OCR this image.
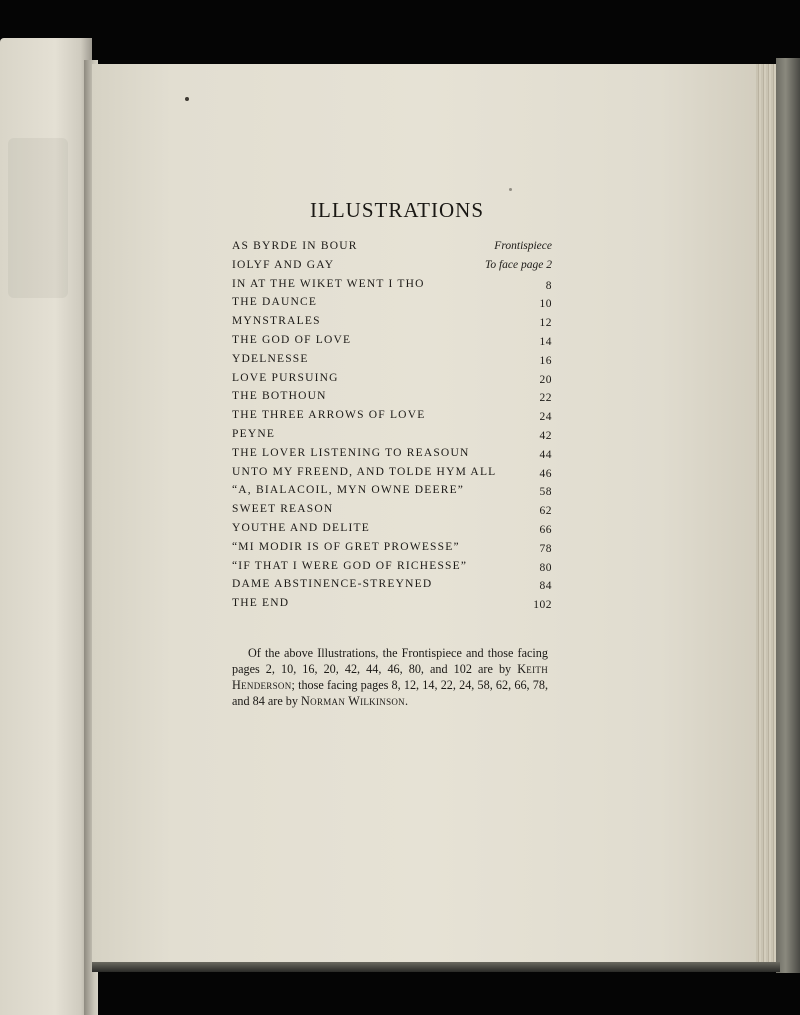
ILLUSTRATIONS
AS BYRDE IN BOUR	Frontispiece
IOLYF AND GAY	To face page 2
IN AT THE WIKET WENT I THO	8
THE DAUNCE	10
MYNSTRALES	12
THE GOD OF LOVE	14
YDELNESSE	16
LOVE PURSUING	20
THE BOTHOUN	22
THE THREE ARROWS OF LOVE	24
PEYNE	42
THE LOVER LISTENING TO REASOUN	44
UNTO MY FREEND, AND TOLDE HYM ALL	46
“A, BIALACOIL, MYN OWNE DEERE”	58
SWEET REASON	62
YOUTHE AND DELITE	66
“MI MODIR IS OF GRET PROWESSE”	78
“IF THAT I WERE GOD OF RICHESSE”	80
DAME ABSTINENCE-STREYNED	84
THE END	102

Of the above Illustrations, the Frontispiece and those facing pages 2, 10, 16, 20, 42, 44, 46, 80, and 102 are by Keith Henderson; those facing pages 8, 12, 14, 22, 24, 58, 62, 66, 78, and 84 are by Norman Wilkinson.
